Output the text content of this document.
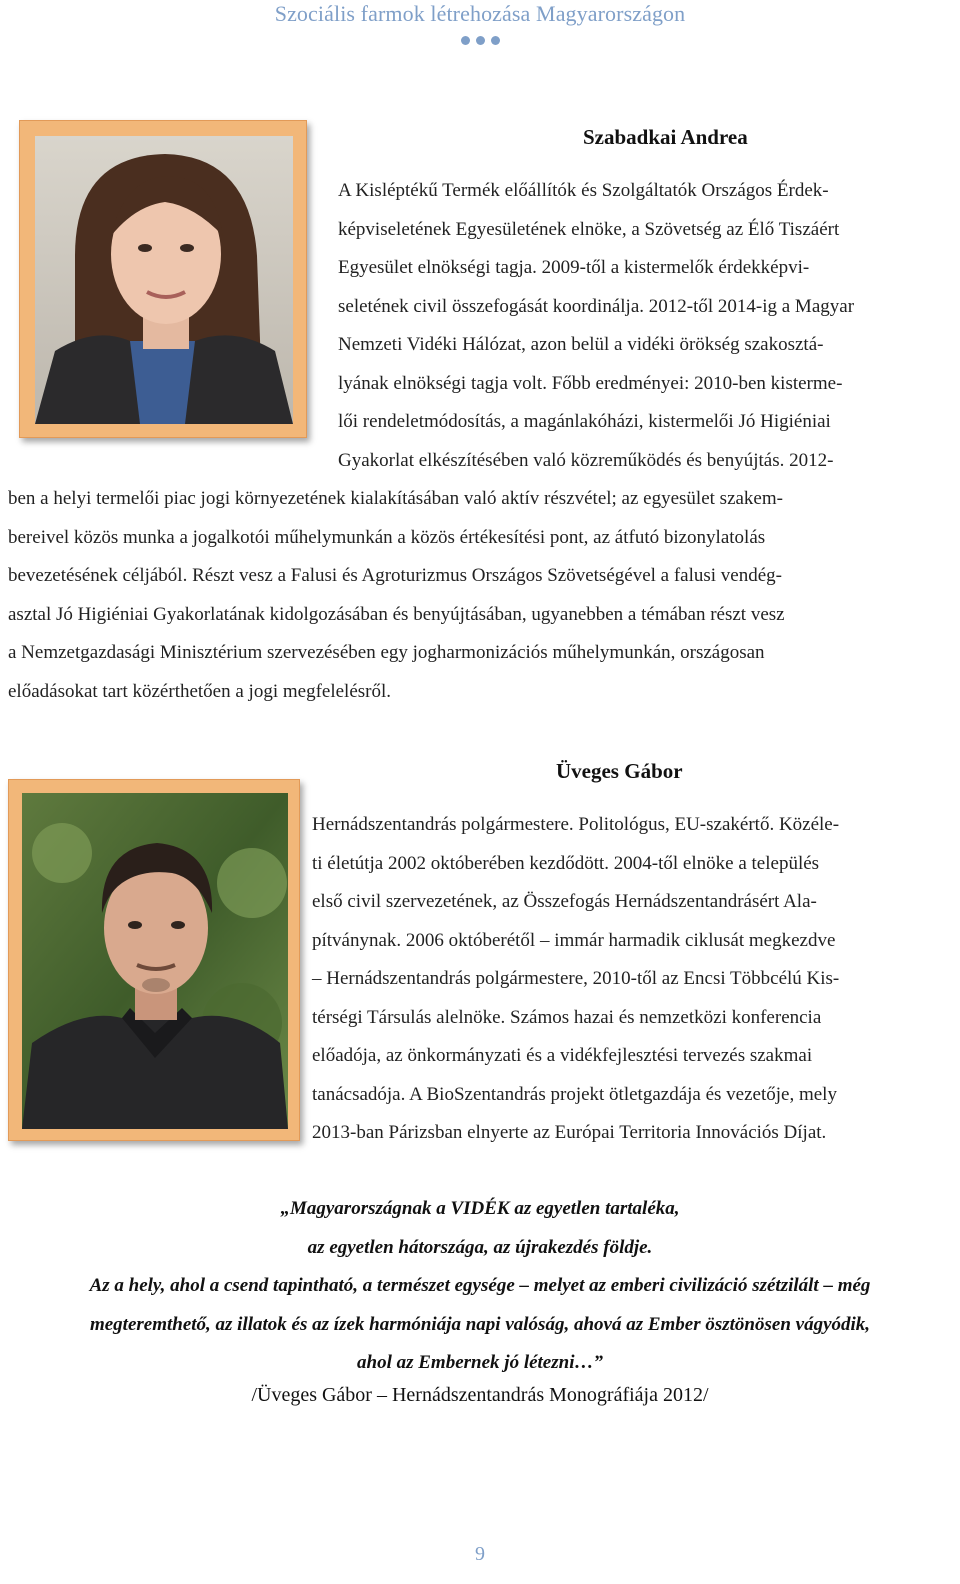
Szociális farmok létrehozása Magyarországon
Szabadkai Andrea
A Kisléptékű Termék előállítók és Szolgáltatók Országos Érdek-
képviseletének Egyesületének elnöke, a Szövetség az Élő Tiszáért
Egyesület elnökségi tagja. 2009-től a kistermelők érdekképvi-
seletének civil összefogását koordinálja. 2012-től 2014-ig a Magyar
Nemzeti Vidéki Hálózat, azon belül a vidéki örökség szakosztá-
lyának elnökségi tagja volt. Főbb eredményei: 2010-ben kisterme-
lői rendeletmódosítás, a magánlakóházi, kistermelői Jó Higiéniai
Gyakorlat elkészítésében való közreműködés és benyújtás. 2012-
ben a helyi termelői piac jogi környezetének kialakításában való aktív részvétel; az egyesület szakem-
bereivel közös munka a jogalkotói műhelymunkán a közös értékesítési pont, az átfutó bizonylatolás
bevezetésének céljából. Részt vesz a Falusi és Agroturizmus Országos Szövetségével a falusi vendég-
asztal Jó Higiéniai Gyakorlatának kidolgozásában és benyújtásában, ugyanebben a témában részt vesz
a Nemzetgazdasági Minisztérium szervezésében egy jogharmonizációs műhelymunkán, országosan
előadásokat tart közérthetően a jogi megfelelésről.
Üveges Gábor
Hernádszentandrás polgármestere. Politológus, EU-szakértő. Közéle-
ti életútja 2002 októberében kezdődött. 2004-től elnöke a település
első civil szervezetének, az Összefogás Hernádszentandrásért Ala-
pítványnak. 2006 októberétől – immár harmadik ciklusát megkezdve
– Hernádszentandrás polgármestere, 2010-től az Encsi Többcélú Kis-
térségi Társulás alelnöke. Számos hazai és nemzetközi konferencia
előadója, az önkormányzati és a vidékfejlesztési tervezés szakmai
tanácsadója. A BioSzentandrás projekt ötletgazdája és vezetője, mely
2013-ban Párizsban elnyerte az Európai Territoria Innovációs Díjat.
„Magyarországnak a VIDÉK az egyetlen tartaléka,
az egyetlen hátországa, az újrakezdés földje.
Az a hely, ahol a csend tapintható, a természet egysége – melyet az emberi civilizáció szétzilált – még
megteremthető, az illatok és az ízek harmóniája napi valóság, ahová az Ember ösztönösen vágyódik,
ahol az Embernek jó létezni…”
/Üveges Gábor – Hernádszentandrás Monográfiája 2012/
9
